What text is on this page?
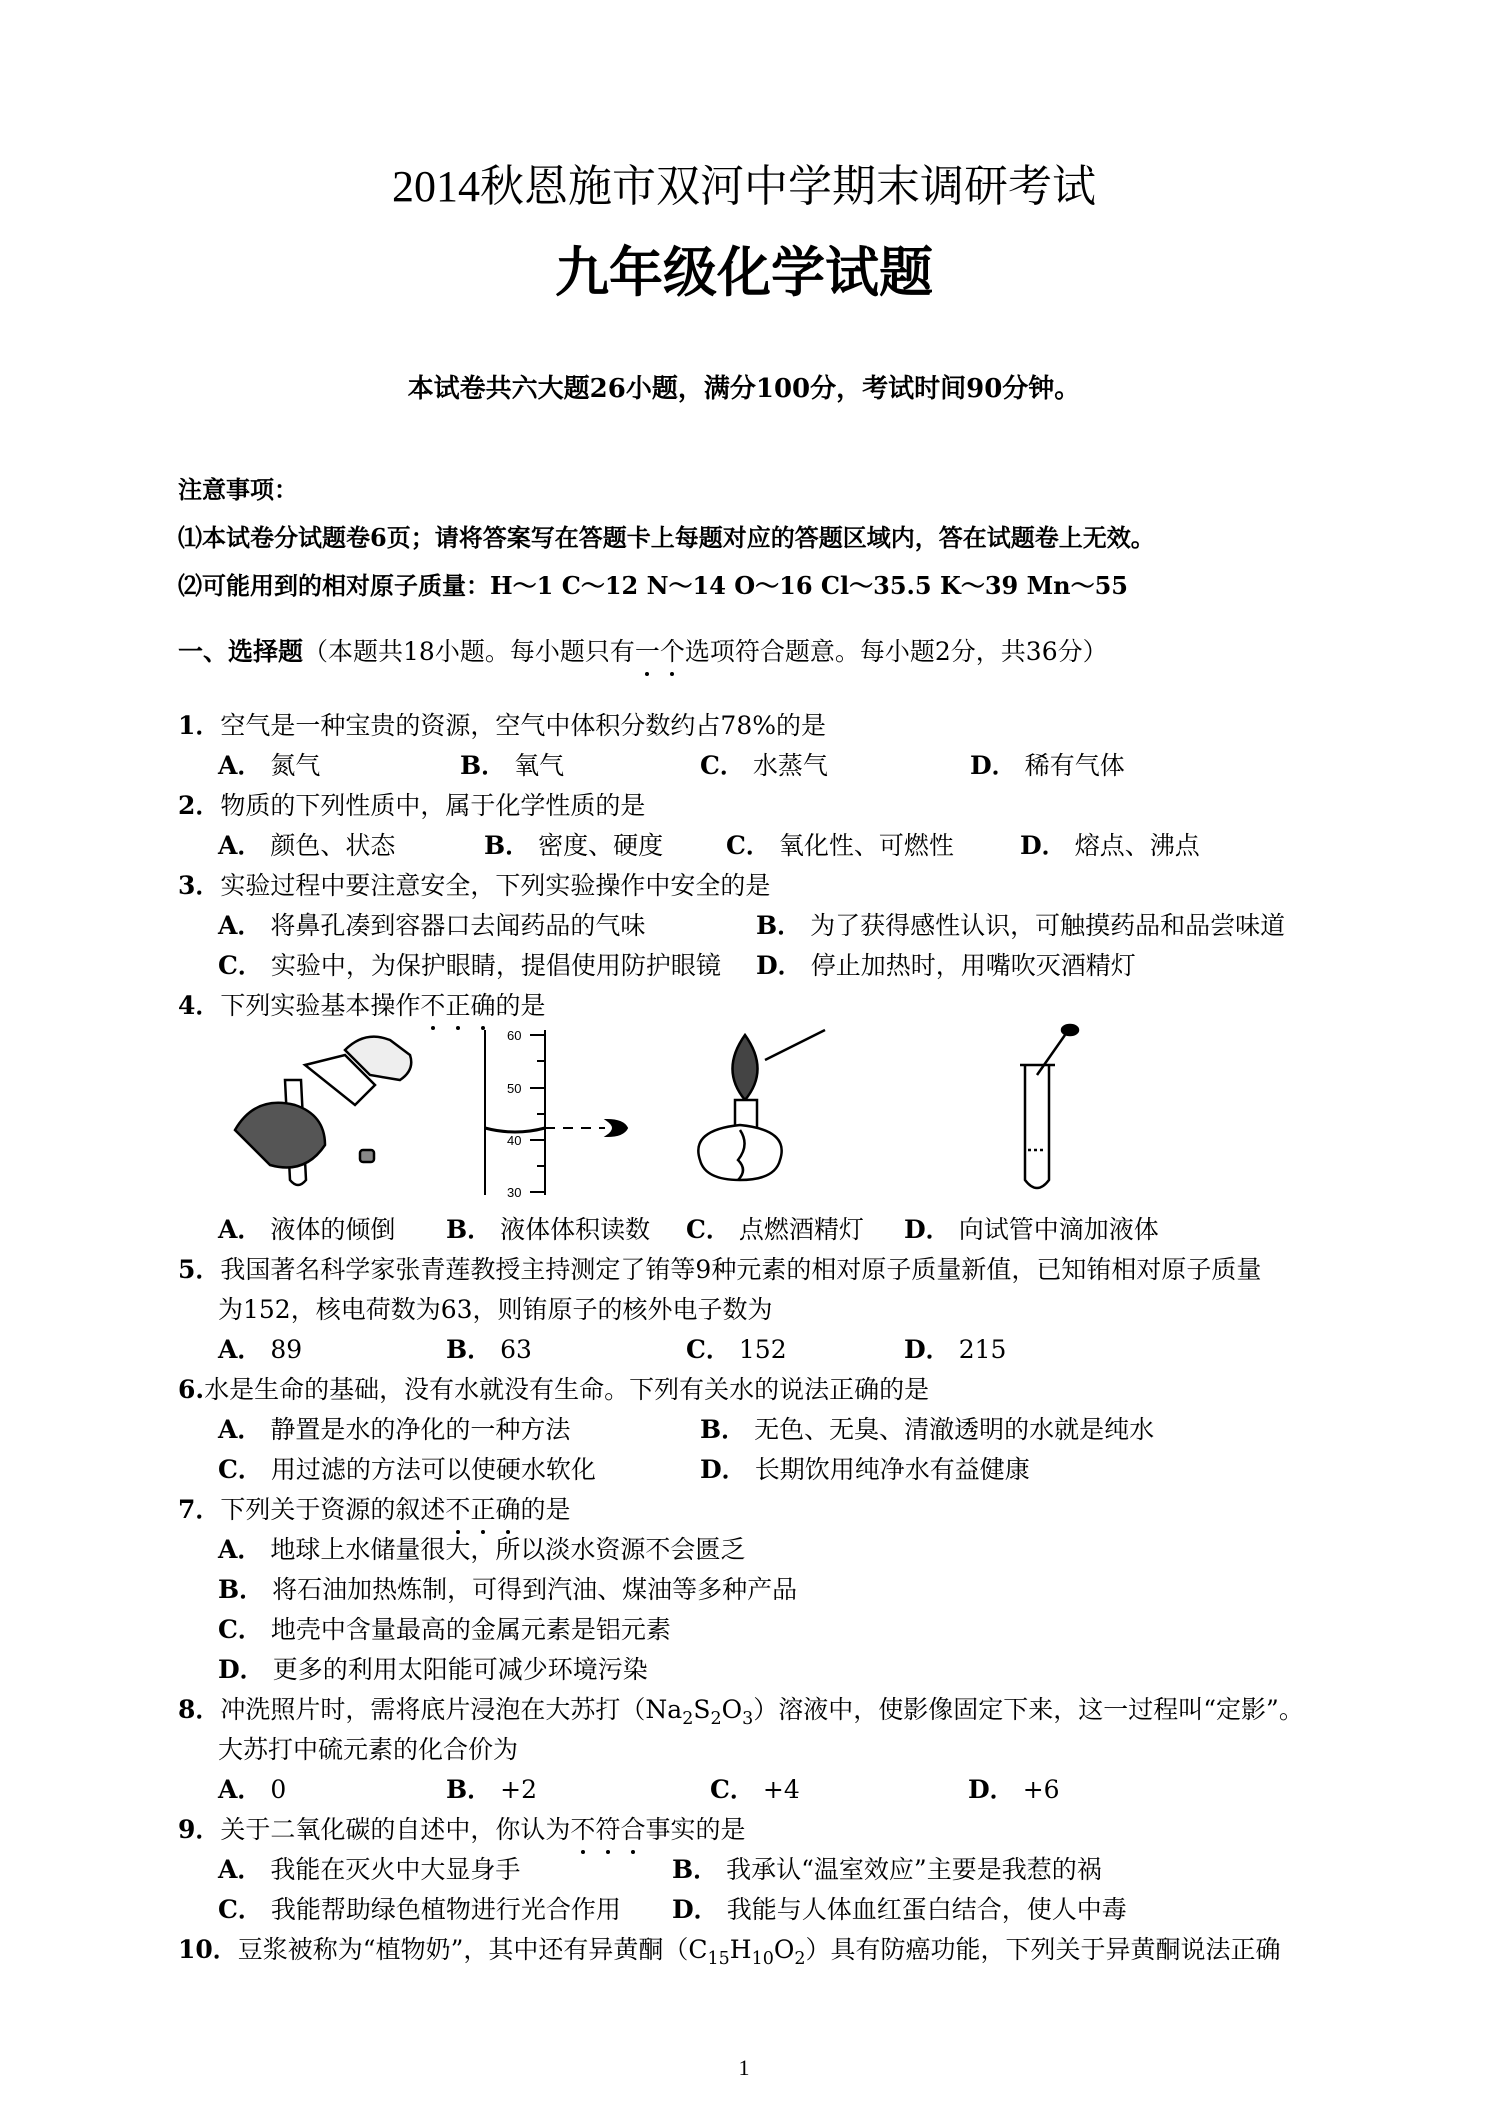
2014秋恩施市双河中学期末调研考试
九年级化学试题
本试卷共六大题26小题，满分100分，考试时间90分钟。
注意事项：
⑴本试卷分试题卷6页；请将答案写在答题卡上每题对应的答题区域内，答在试题卷上无效。
⑵可能用到的相对原子质量：H～1 C～12 N～14 O～16 Cl～35.5 K～39 Mn～55
一、选择题（本题共18小题。每小题只有一个选项符合题意。每小题2分，共36分）
1．空气是一种宝贵的资源，空气中体积分数约占78%的是
A． 氮气	B． 氧气	C． 水蒸气	D． 稀有气体
2．物质的下列性质中，属于化学性质的是
A． 颜色、状态	B． 密度、硬度	C． 氧化性、可燃性	D． 熔点、沸点
3．实验过程中要注意安全，下列实验操作中安全的是
A． 将鼻孔凑到容器口去闻药品的气味	B． 为了获得感性认识，可触摸药品和品尝味道
C． 实验中，为保护眼睛，提倡使用防护眼镜 D． 停止加热时，用嘴吹灭酒精灯
4．下列实验基本操作不正确的是
60
50
40
30
A． 液体的倾倒 B． 液体体积读数 C． 点燃酒精灯 D． 向试管中滴加液体
5．我国著名科学家张青莲教授主持测定了铕等9种元素的相对原子质量新值，已知铕相对原子质量
为152，核电荷数为63，则铕原子的核外电子数为
A． 89	B． 63	C． 152	D． 215
6.水是生命的基础，没有水就没有生命。下列有关水的说法正确的是
A． 静置是水的净化的一种方法	B． 无色、无臭、清澈透明的水就是纯水
C． 用过滤的方法可以使硬水软化	D． 长期饮用纯净水有益健康
7．下列关于资源的叙述不正确的是
A． 地球上水储量很大，所以淡水资源不会匮乏
B． 将石油加热炼制，可得到汽油、煤油等多种产品
C． 地壳中含量最高的金属元素是铝元素
D． 更多的利用太阳能可减少环境污染
8．冲洗照片时，需将底片浸泡在大苏打$(Na_2S_2O_3)$溶液中，使影像固定下来，这一过程叫“定影”。
大苏打中硫元素的化合价为
A． 0	B． +2	C． +4	D． +6
9．关于二氧化碳的自述中，你认为不符合事实的是
A． 我能在灭火中大显身手	B． 我承认“温室效应”主要是我惹的祸
C． 我能帮助绿色植物进行光合作用 D． 我能与人体血红蛋白结合，使人中毒
10．豆浆被称为“植物奶”，其中还有异黄酮$(C_{15}H_{10}O_2)$具有防癌功能，下列关于异黄酮说法正确
1
